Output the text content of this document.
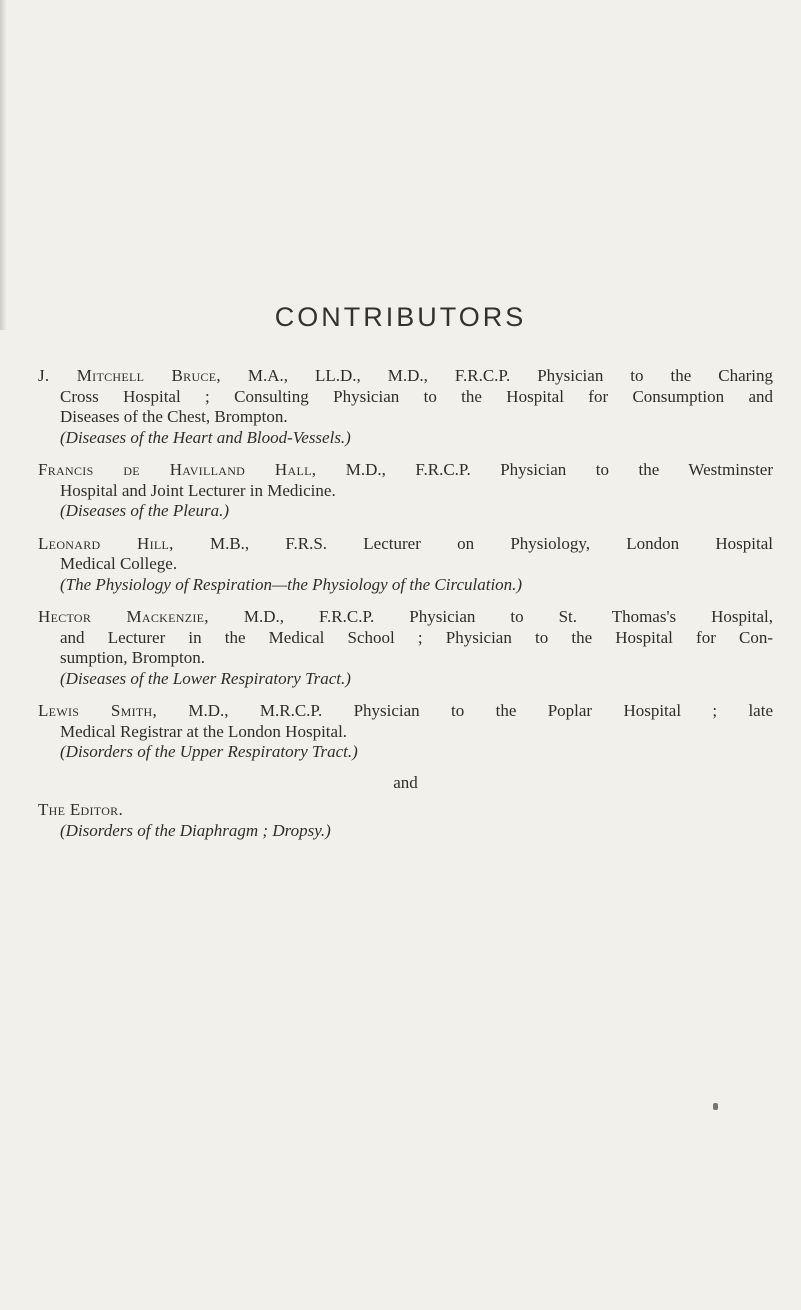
CONTRIBUTORS
J. Mitchell Bruce, M.A., LL.D., M.D., F.R.C.P. Physician to the Charing
Cross Hospital ; Consulting Physician to the Hospital for Consumption and
Diseases of the Chest, Brompton.
(Diseases of the Heart and Blood-Vessels.)
Francis de Havilland Hall, M.D., F.R.C.P. Physician to the Westminster
Hospital and Joint Lecturer in Medicine.
(Diseases of the Pleura.)
Leonard Hill, M.B., F.R.S. Lecturer on Physiology, London Hospital
Medical College.
(The Physiology of Respiration—the Physiology of the Circulation.)
Hector Mackenzie, M.D., F.R.C.P. Physician to St. Thomas's Hospital,
and Lecturer in the Medical School ; Physician to the Hospital for Con-
sumption, Brompton.
(Diseases of the Lower Respiratory Tract.)
Lewis Smith, M.D., M.R.C.P. Physician to the Poplar Hospital ; late
Medical Registrar at the London Hospital.
(Disorders of the Upper Respiratory Tract.)
and
The Editor.
(Disorders of the Diaphragm ; Dropsy.)
